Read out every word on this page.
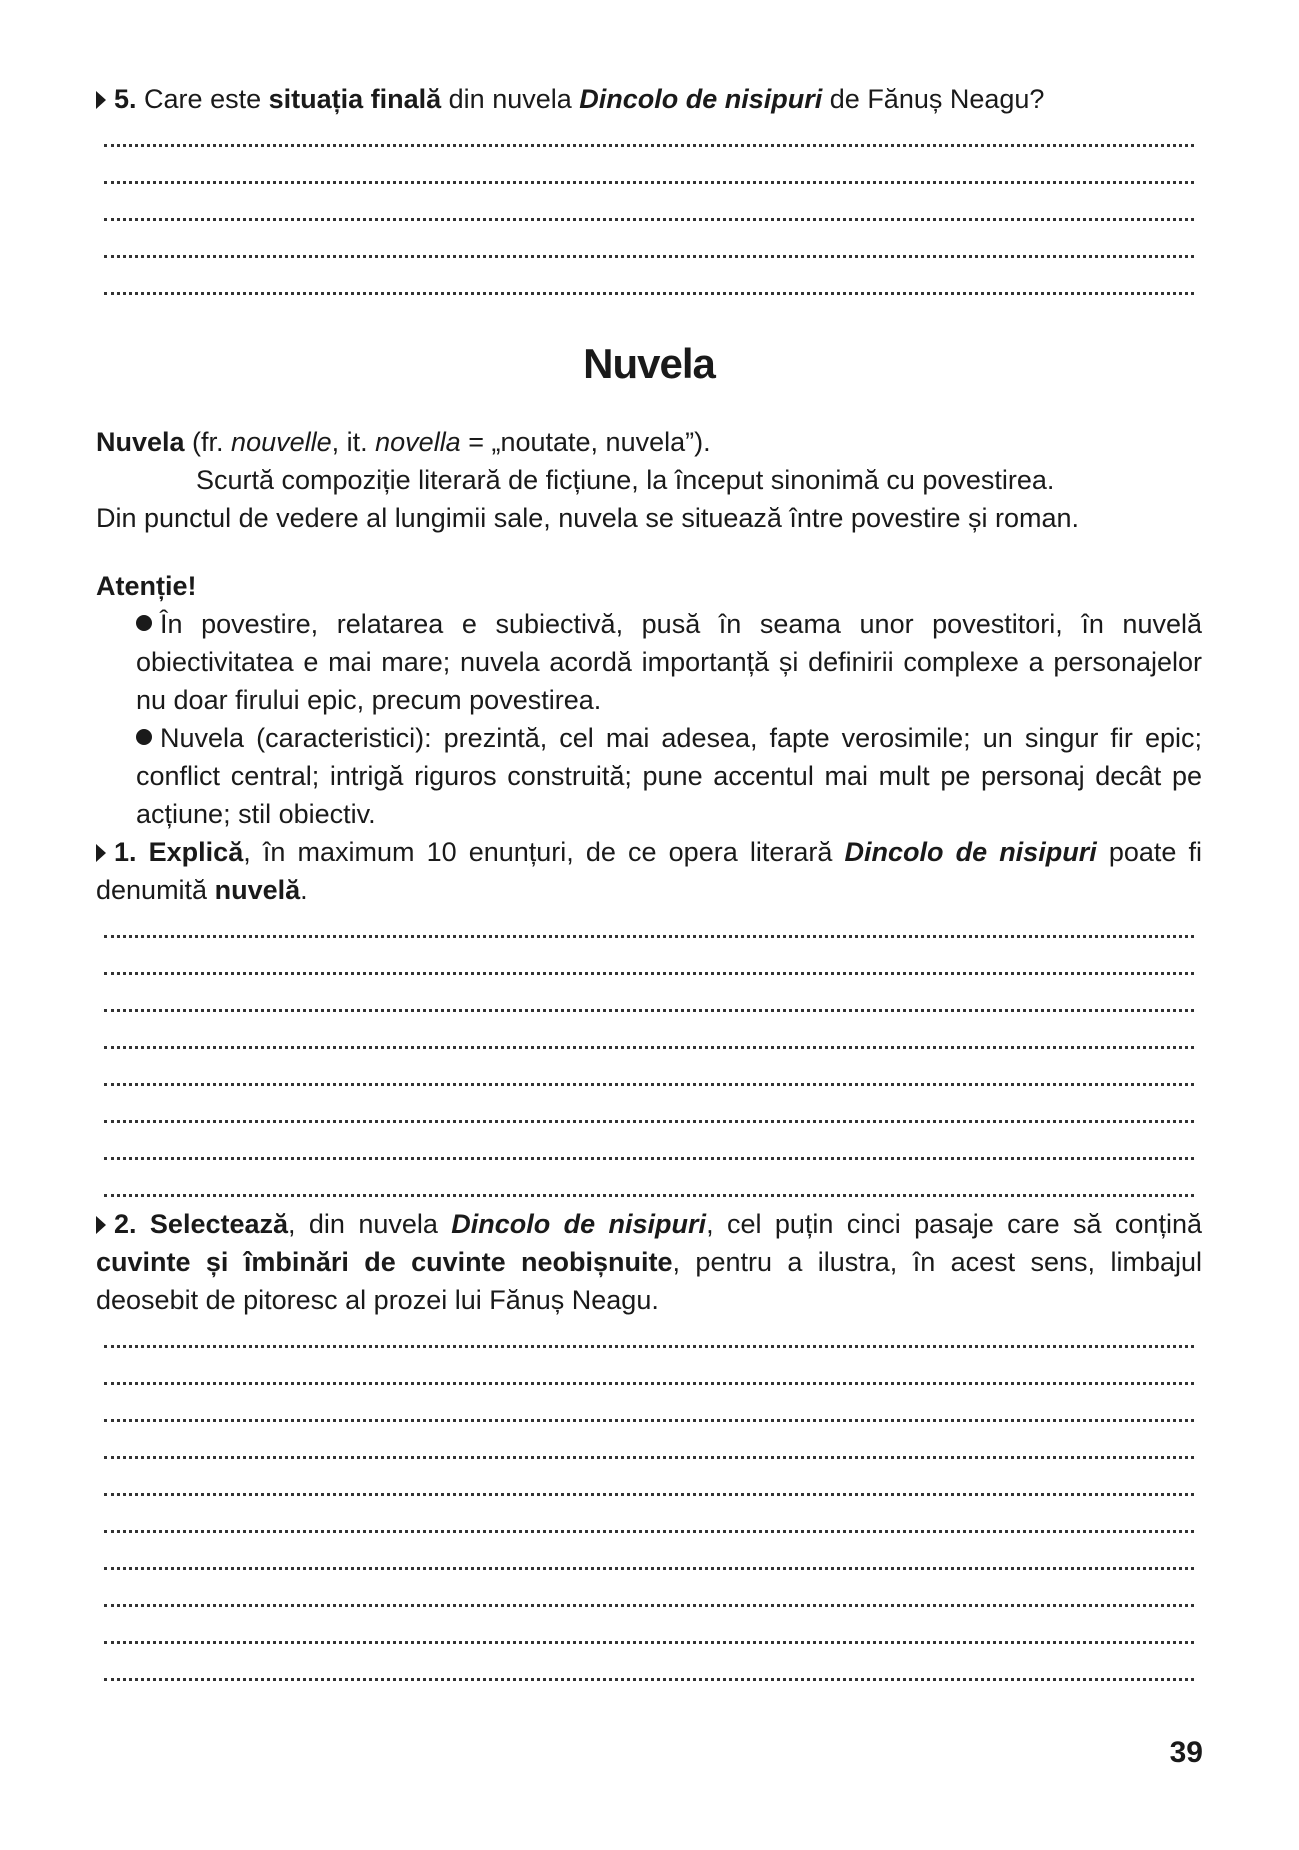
5. Care este situația finală din nuvela Dincolo de nisipuri de Fănuș Neagu?

Nuvela

Nuvela (fr. nouvelle, it. novella = „noutate, nuvela”).

Scurtă compoziție literară de ficțiune, la început sinonimă cu povestirea.

Din punctul de vedere al lungimii sale, nuvela se situează între povestire și roman.

Atenție!

În povestire, relatarea e subiectivă, pusă în seama unor povestitori, în nuvelă obiectivitatea e mai mare; nuvela acordă importanță și definirii complexe a personajelor nu doar firului epic, precum povestirea.

Nuvela (caracteristici): prezintă, cel mai adesea, fapte verosimile; un singur fir epic; conflict central; intrigă riguros construită; pune accentul mai mult pe personaj decât pe acțiune; stil obiectiv.

1. Explică, în maximum 10 enunțuri, de ce opera literară Dincolo de nisipuri poate fi denumită nuvelă.

2. Selectează, din nuvela Dincolo de nisipuri, cel puțin cinci pasaje care să conțină cuvinte și îmbinări de cuvinte neobișnuite, pentru a ilustra, în acest sens, limbajul deosebit de pitoresc al prozei lui Fănuș Neagu.

39
